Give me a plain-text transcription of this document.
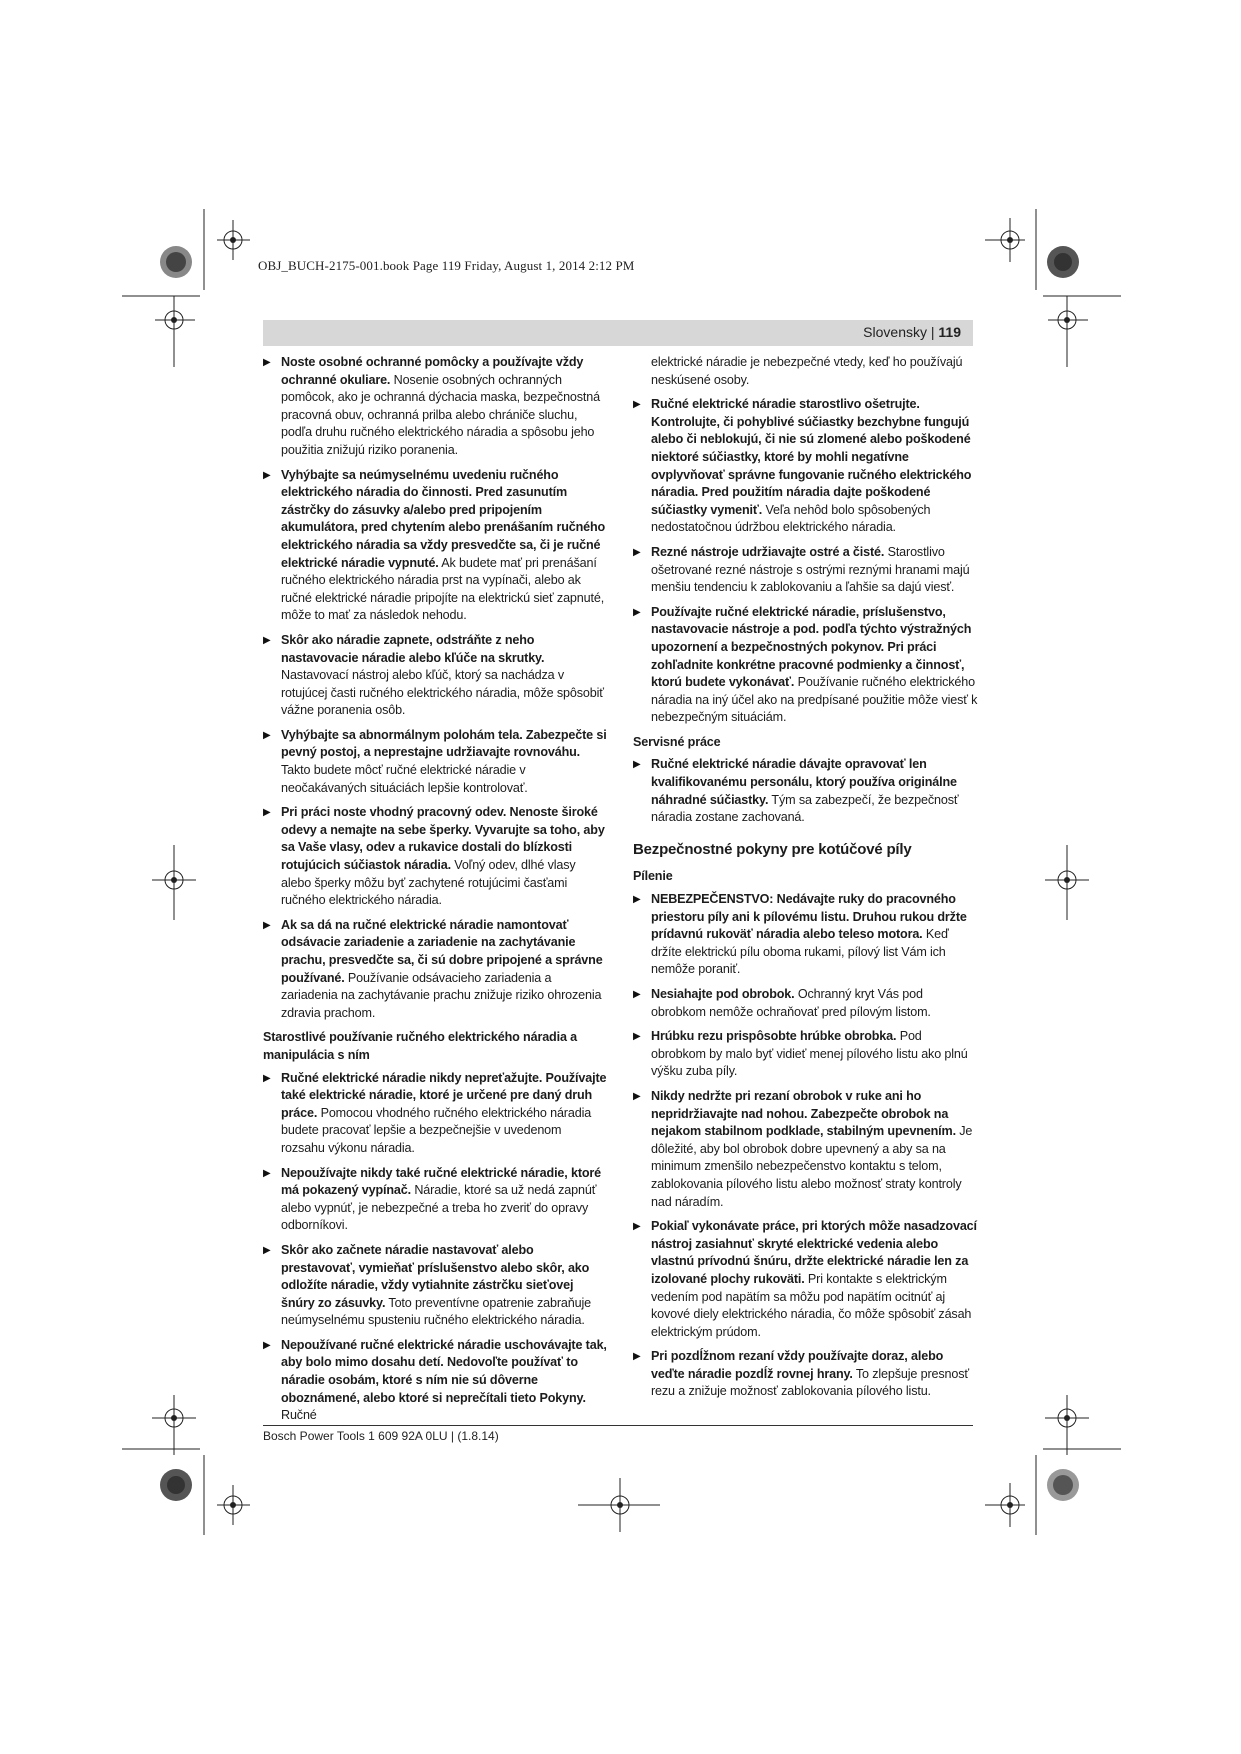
OBJ_BUCH-2175-001.book Page 119 Friday, August 1, 2014 2:12 PM
Slovensky | 119
▶ Noste osobné ochranné pomôcky a používajte vždy ochranné okuliare. Nosenie osobných ochranných pomôcok, ako je ochranná dýchacia maska, bezpečnostná pracovná obuv, ochranná prilba alebo chrániče sluchu, podľa druhu ručného elektrického náradia a spôsobu jeho použitia znižujú riziko poranenia.
▶ Vyhýbajte sa neúmyselnému uvedeniu ručného elektrického náradia do činnosti. Pred zasunutím zástrčky do zásuvky a/alebo pred pripojením akumulátora, pred chytením alebo prenášaním ručného elektrického náradia sa vždy presvedčte sa, či je ručné elektrické náradie vypnuté. Ak budete mať pri prenášaní ručného elektrického náradia prst na vypínači, alebo ak ručné elektrické náradie pripojíte na elektrickú sieť zapnuté, môže to mať za následok nehodu.
▶ Skôr ako náradie zapnete, odstráňte z neho nastavovacie náradie alebo kľúče na skrutky. Nastavovací nástroj alebo kľúč, ktorý sa nachádza v rotujúcej časti ručného elektrického náradia, môže spôsobiť vážne poranenia osôb.
▶ Vyhýbajte sa abnormálnym polohám tela. Zabezpečte si pevný postoj, a neprestajne udržiavajte rovnováhu. Takto budete môcť ručné elektrické náradie v neočakávaných situáciách lepšie kontrolovať.
▶ Pri práci noste vhodný pracovný odev. Nenoste široké odevy a nemajte na sebe šperky. Vyvarujte sa toho, aby sa Vaše vlasy, odev a rukavice dostali do blízkosti rotujúcich súčiastok náradia. Voľný odev, dlhé vlasy alebo šperky môžu byť zachytené rotujúcimi časťami ručného elektrického náradia.
▶ Ak sa dá na ručné elektrické náradie namontovať odsávacie zariadenie a zariadenie na zachytávanie prachu, presvedčte sa, či sú dobre pripojené a správne používané. Používanie odsávacieho zariadenia a zariadenia na zachytávanie prachu znižuje riziko ohrozenia zdravia prachom.
Starostlivé používanie ručného elektrického náradia a manipulácia s ním
▶ Ručné elektrické náradie nikdy nepreťažujte. Používajte také elektrické náradie, ktoré je určené pre daný druh práce. Pomocou vhodného ručného elektrického náradia budete pracovať lepšie a bezpečnejšie v uvedenom rozsahu výkonu náradia.
▶ Nepoužívajte nikdy také ručné elektrické náradie, ktoré má pokazený vypínač. Náradie, ktoré sa už nedá zapnúť alebo vypnúť, je nebezpečné a treba ho zveriť do opravy odborníkovi.
▶ Skôr ako začnete náradie nastavovať alebo prestavovať, vymieňať príslušenstvo alebo skôr, ako odložíte náradie, vždy vytiahnite zástrčku sieťovej šnúry zo zásuvky. Toto preventívne opatrenie zabraňuje neúmyselnému spusteniu ručného elektrického náradia.
▶ Nepoužívané ručné elektrické náradie uschovávajte tak, aby bolo mimo dosahu detí. Nedovoľte používať to náradie osobám, ktoré s ním nie sú dôverne oboznámené, alebo ktoré si neprečítali tieto Pokyny. Ručné
elektrické náradie je nebezpečné vtedy, keď ho používajú neskúsené osoby.
▶ Ručné elektrické náradie starostlivo ošetrujte. Kontrolujte, či pohyblivé súčiastky bezchybne fungujú alebo či neblokujú, či nie sú zlomené alebo poškodené niektoré súčiastky, ktoré by mohli negatívne ovplyvňovať správne fungovanie ručného elektrického náradia. Pred použitím náradia dajte poškodené súčiastky vymeniť. Veľa nehôd bolo spôsobených nedostatočnou údržbou elektrického náradia.
▶ Rezné nástroje udržiavajte ostré a čisté. Starostlivo ošetrované rezné nástroje s ostrými reznými hranami majú menšiu tendenciu k zablokovaniu a ľahšie sa dajú viesť.
▶ Používajte ručné elektrické náradie, príslušenstvo, nastavovacie nástroje a pod. podľa týchto výstražných upozornení a bezpečnostných pokynov. Pri práci zohľadnite konkrétne pracovné podmienky a činnosť, ktorú budete vykonávať. Používanie ručného elektrického náradia na iný účel ako na predpísané použitie môže viesť k nebezpečným situáciám.
Servisné práce
▶ Ručné elektrické náradie dávajte opravovať len kvalifikovanému personálu, ktorý používa originálne náhradné súčiastky. Tým sa zabezpečí, že bezpečnosť náradia zostane zachovaná.
Bezpečnostné pokyny pre kotúčové píly
Pílenie
▶ NEBEZPEČENSTVO: Nedávajte ruky do pracovného priestoru píly ani k pílovému listu. Druhou rukou držte prídavnú rukoväť náradia alebo teleso motora. Keď držíte elektrickú pílu oboma rukami, pílový list Vám ich nemôže poraniť.
▶ Nesiahajte pod obrobok. Ochranný kryt Vás pod obrobkom nemôže ochraňovať pred pílovým listom.
▶ Hrúbku rezu prispôsobte hrúbke obrobka. Pod obrobkom by malo byť vidieť menej pílového listu ako plnú výšku zuba píly.
▶ Nikdy nedržte pri rezaní obrobok v ruke ani ho nepridržiavajte nad nohou. Zabezpečte obrobok na nejakom stabilnom podklade, stabilným upevnením. Je dôležité, aby bol obrobok dobre upevnený a aby sa na minimum zmenšilo nebezpečenstvo kontaktu s telom, zablokovania pílového listu alebo možnosť straty kontroly nad náradím.
▶ Pokiaľ vykonávate práce, pri ktorých môže nasadzovací nástroj zasiahnuť skryté elektrické vedenia alebo vlastnú prívodnú šnúru, držte elektrické náradie len za izolované plochy rukoväti. Pri kontakte s elektrickým vedením pod napätím sa môžu pod napätím ocitnúť aj kovové diely elektrického náradia, čo môže spôsobiť zásah elektrickým prúdom.
▶ Pri pozdĺžnom rezaní vždy používajte doraz, alebo veďte náradie pozdĺž rovnej hrany. To zlepšuje presnosť rezu a znižuje možnosť zablokovania pílového listu.
Bosch Power Tools 1 609 92A 0LU | (1.8.14)
